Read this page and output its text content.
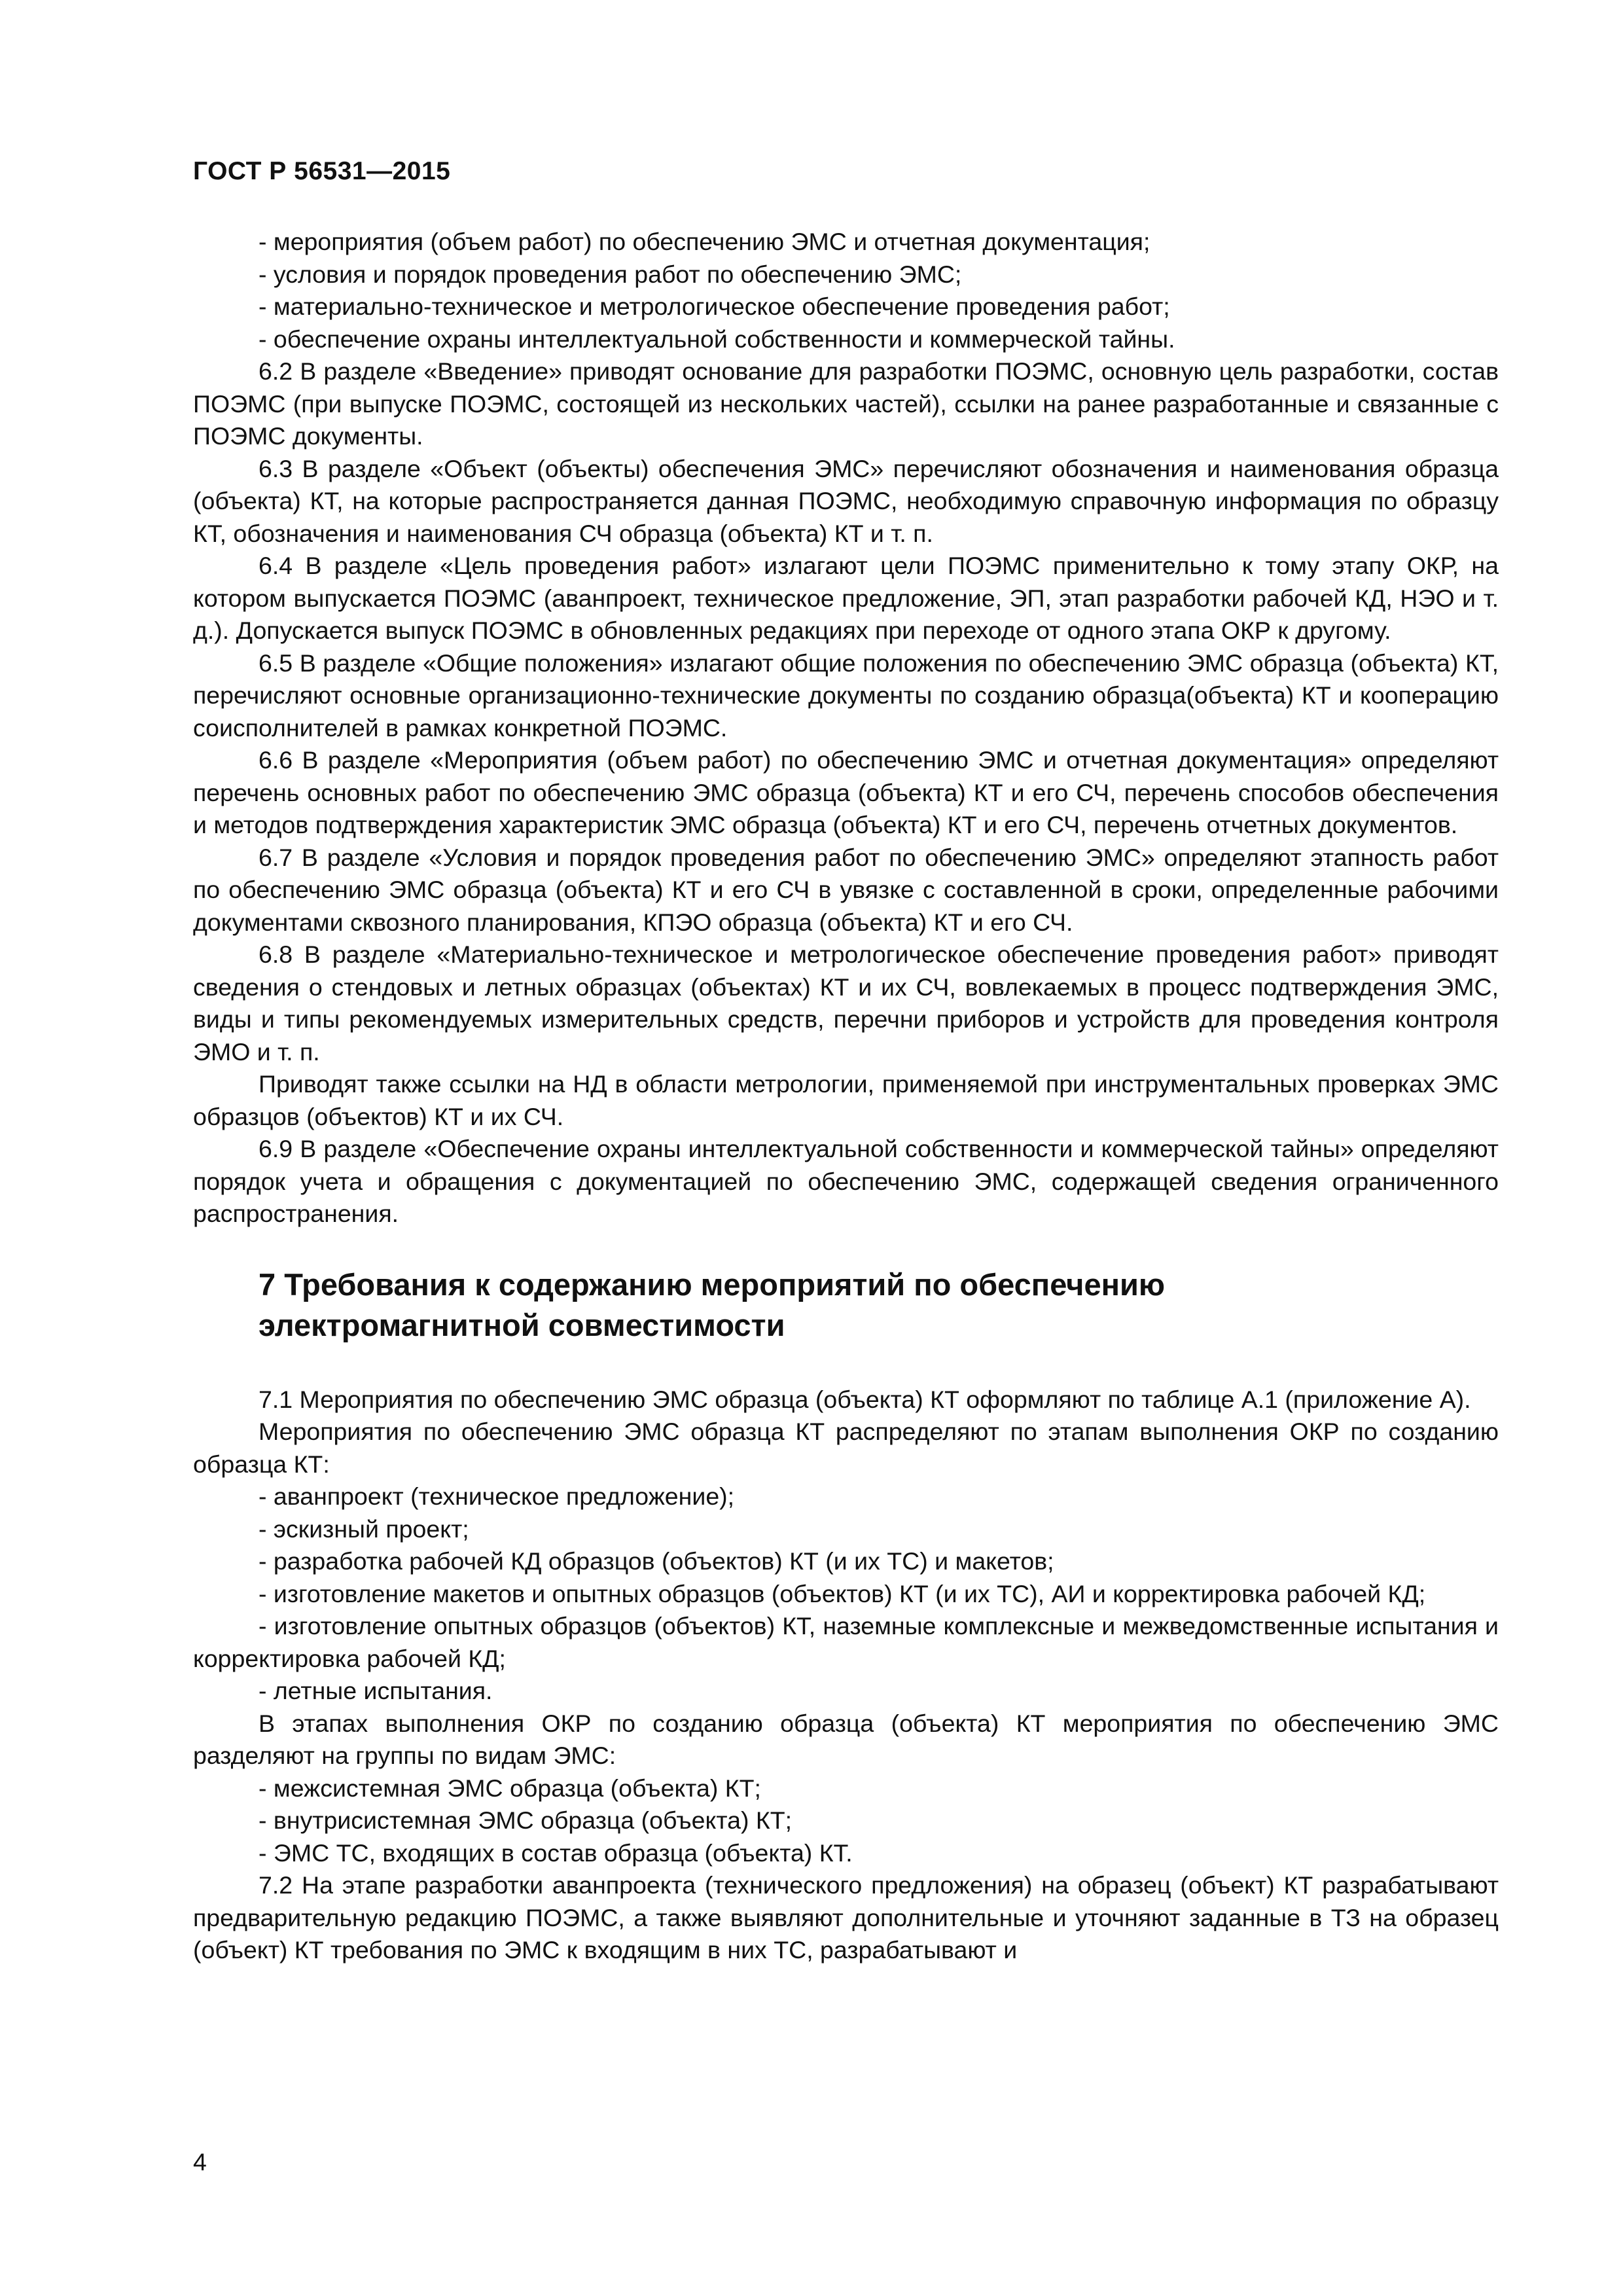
ГОСТ Р 56531—2015

- мероприятия (объем работ) по обеспечению ЭМС и отчетная документация;

- условия и порядок проведения работ по обеспечению ЭМС;

- материально-техническое и метрологическое обеспечение проведения работ;

- обеспечение охраны интеллектуальной собственности и коммерческой тайны.

6.2 В разделе «Введение» приводят основание для разработки ПОЭМС, основную цель разработки, состав ПОЭМС (при выпуске ПОЭМС, состоящей из нескольких частей), ссылки на ранее разработанные и связанные с ПОЭМС документы.

6.3 В разделе «Объект (объекты) обеспечения ЭМС» перечисляют обозначения и наименования образца (объекта) КТ, на которые распространяется данная ПОЭМС, необходимую справочную информация по образцу КТ, обозначения и наименования СЧ образца (объекта) КТ и т. п.

6.4 В разделе «Цель проведения работ» излагают цели ПОЭМС применительно к тому этапу ОКР, на котором выпускается ПОЭМС (аванпроект, техническое предложение, ЭП, этап разработки рабочей КД, НЭО и т. д.). Допускается выпуск ПОЭМС в обновленных редакциях при переходе от одного этапа ОКР к другому.

6.5 В разделе «Общие положения» излагают общие положения по обеспечению ЭМС образца (объекта) КТ, перечисляют основные организационно-технические документы по созданию образца(объекта) КТ и кооперацию соисполнителей в рамках конкретной ПОЭМС.

6.6 В разделе «Мероприятия (объем работ) по обеспечению ЭМС и отчетная документация» определяют перечень основных работ по обеспечению ЭМС образца (объекта) КТ и его СЧ, перечень способов обеспечения и методов подтверждения характеристик ЭМС образца (объекта) КТ и его СЧ, перечень отчетных документов.

6.7 В разделе «Условия и порядок проведения работ по обеспечению ЭМС» определяют этапность работ по обеспечению ЭМС образца (объекта) КТ и его СЧ в увязке с составленной в сроки, определенные рабочими документами сквозного планирования, КПЭО образца (объекта) КТ и его СЧ.

6.8 В разделе «Материально-техническое и метрологическое обеспечение проведения работ» приводят сведения о стендовых и летных образцах (объектах) КТ и их СЧ, вовлекаемых в процесс подтверждения ЭМС, виды и типы рекомендуемых измерительных средств, перечни приборов и устройств для проведения контроля ЭМО и т. п.

Приводят также ссылки на НД в области метрологии, применяемой при инструментальных проверках ЭМС образцов (объектов) КТ и их СЧ.

6.9 В разделе «Обеспечение охраны интеллектуальной собственности и коммерческой тайны» определяют порядок учета и обращения с документацией по обеспечению ЭМС, содержащей сведения ограниченного распространения.

7 Требования к содержанию мероприятий по обеспечению
электромагнитной совместимости

7.1 Мероприятия по обеспечению ЭМС образца (объекта) КТ оформляют по таблице А.1 (приложение А).

Мероприятия по обеспечению ЭМС образца КТ распределяют по этапам выполнения ОКР по созданию образца КТ:

- аванпроект (техническое предложение);

- эскизный проект;

- разработка рабочей КД образцов (объектов) КТ (и их ТС) и макетов;

- изготовление макетов и опытных образцов (объектов) КТ (и их ТС), АИ и корректировка рабочей КД;

- изготовление опытных образцов (объектов) КТ, наземные комплексные и межведомственные испытания и корректировка рабочей КД;

- летные испытания.

В этапах выполнения ОКР по созданию образца (объекта) КТ мероприятия по обеспечению ЭМС разделяют на группы по видам ЭМС:

- межсистемная ЭМС образца (объекта) КТ;

- внутрисистемная ЭМС образца (объекта) КТ;

- ЭМС ТС, входящих в состав образца (объекта) КТ.

7.2 На этапе разработки аванпроекта (технического предложения) на образец (объект) КТ разрабатывают предварительную редакцию ПОЭМС, а также выявляют дополнительные и уточняют заданные в ТЗ на образец (объект) КТ требования по ЭМС к входящим в них ТС, разрабатывают и

4
